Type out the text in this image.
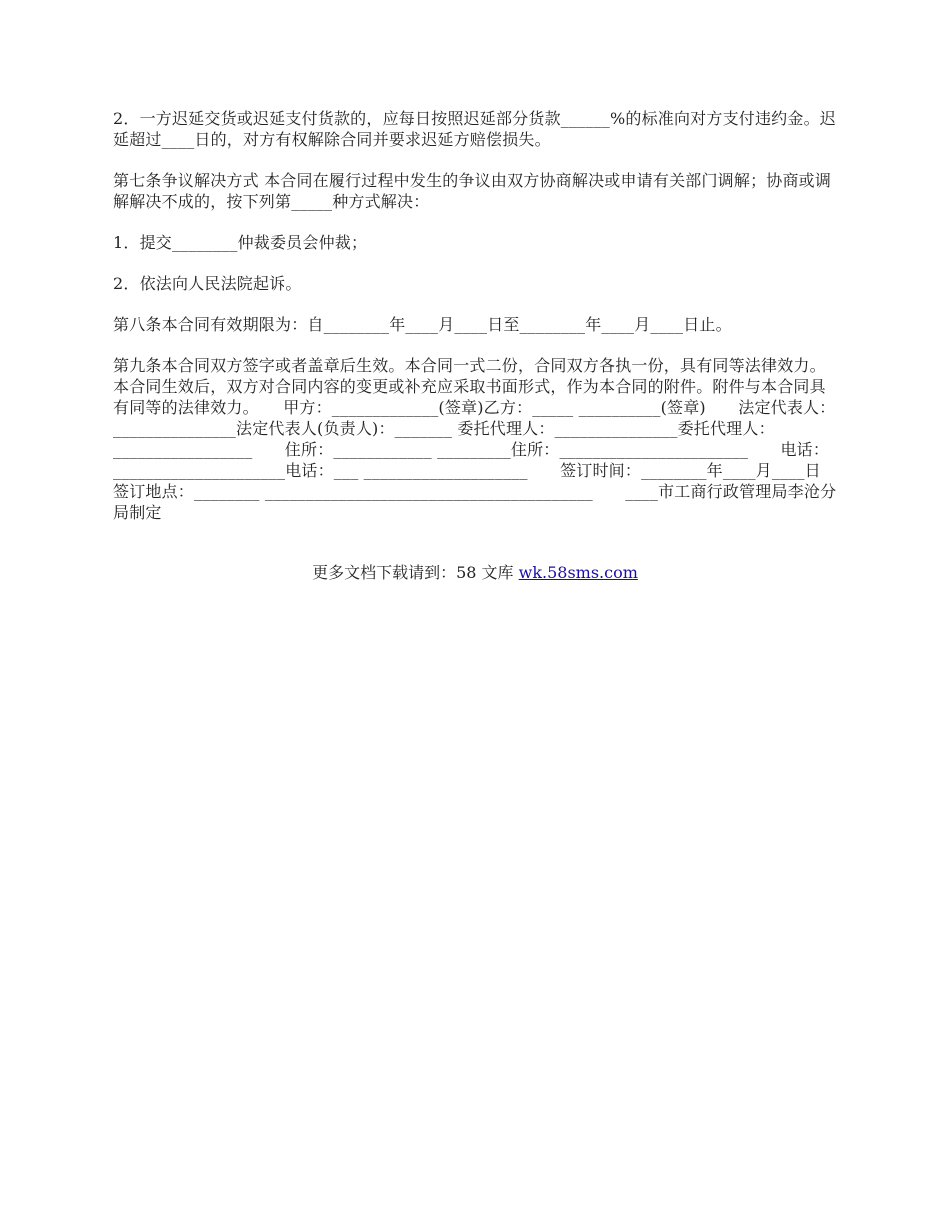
2．一方迟延交货或迟延支付货款的，应每日按照迟延部分货款______%的标准向对方支付违约金。迟延超过____日的，对方有权解除合同并要求迟延方赔偿损失。

第七条争议解决方式 本合同在履行过程中发生的争议由双方协商解决或申请有关部门调解；协商或调解解决不成的，按下列第_____种方式解决：

1．提交________仲裁委员会仲裁；

2．依法向人民法院起诉。

第八条本合同有效期限为：自________年____月____日至________年____月____日止。

第九条本合同双方签字或者盖章后生效。本合同一式二份，合同双方各执一份，具有同等法律效力。本合同生效后，双方对合同内容的变更或补充应采取书面形式，作为本合同的附件。附件与本合同具有同等的法律效力。　　甲方：_____________(签章)乙方：_____ __________(签章)　　法定代表人：_______________法定代表人(负责人)：_______ 委托代理人：_______________委托代理人：_________________　　住所：____________ _________住所：_______________________　　电话：_____________________电话：___ ____________________　　签订时间：________年____月____日　　签订地点：________ ________________________________________　　____市工商行政管理局李沧分局制定

更多文档下载请到：58 文库 wk.58sms.com
